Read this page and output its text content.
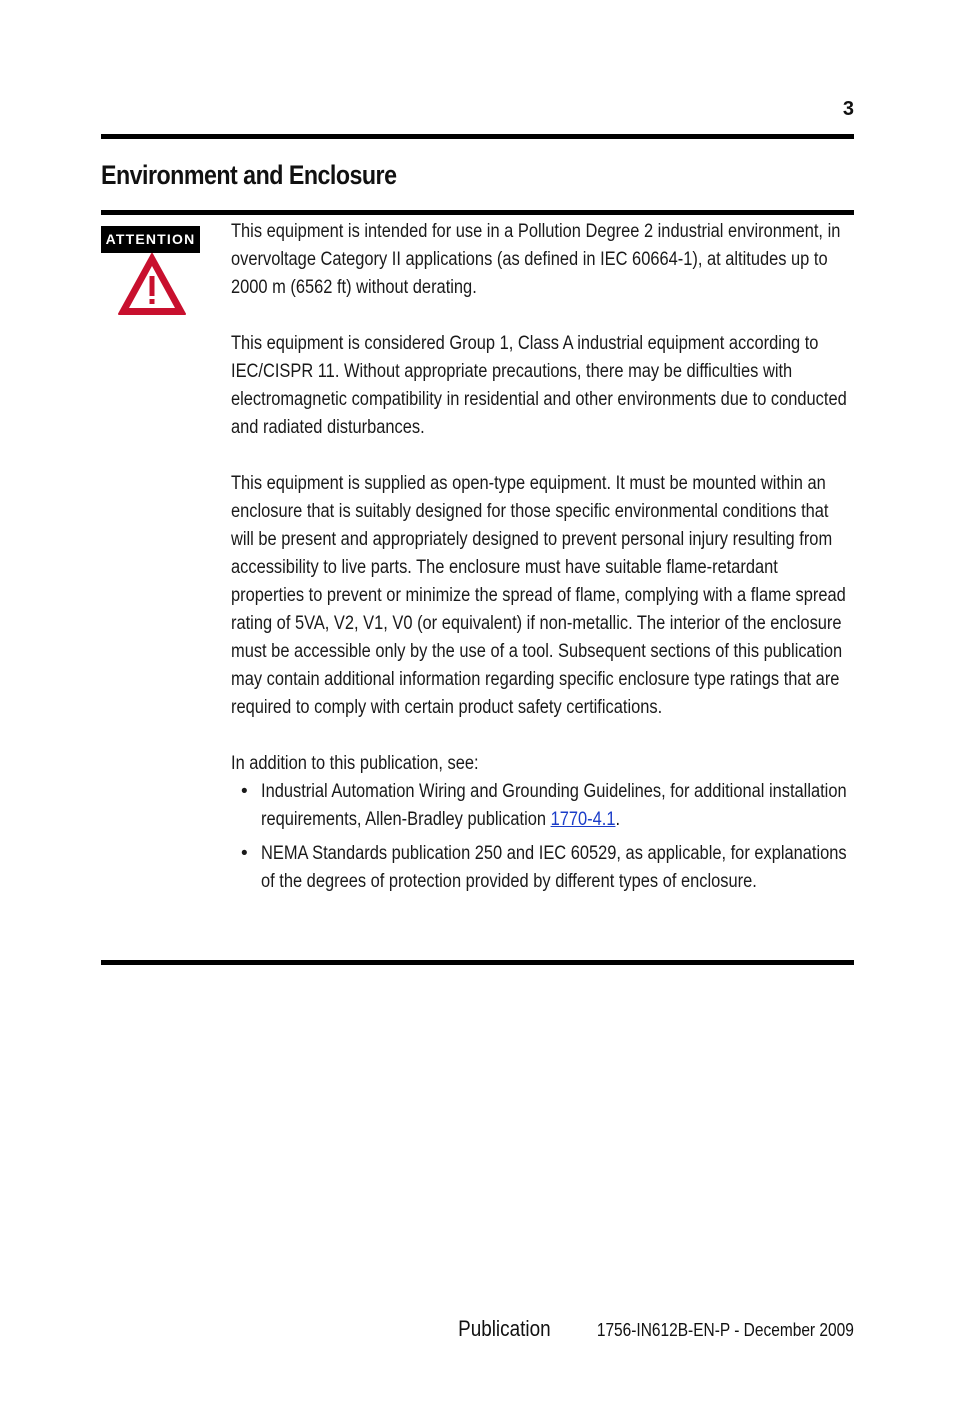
3
Environment and Enclosure
ATTENTION This equipment is intended for use in a Pollution Degree 2 industrial environment, in overvoltage Category II applications (as defined in IEC 60664-1), at altitudes up to 2000 m (6562 ft) without derating.

This equipment is considered Group 1, Class A industrial equipment according to IEC/CISPR 11. Without appropriate precautions, there may be difficulties with electromagnetic compatibility in residential and other environments due to conducted and radiated disturbances.

This equipment is supplied as open-type equipment. It must be mounted within an enclosure that is suitably designed for those specific environmental conditions that will be present and appropriately designed to prevent personal injury resulting from accessibility to live parts. The enclosure must have suitable flame-retardant properties to prevent or minimize the spread of flame, complying with a flame spread rating of 5VA, V2, V1, V0 (or equivalent) if non-metallic. The interior of the enclosure must be accessible only by the use of a tool. Subsequent sections of this publication may contain additional information regarding specific enclosure type ratings that are required to comply with certain product safety certifications.

In addition to this publication, see:

• Industrial Automation Wiring and Grounding Guidelines, for additional installation requirements, Allen-Bradley publication 1770-4.1.
• NEMA Standards publication 250 and IEC 60529, as applicable, for explanations of the degrees of protection provided by different types of enclosure.
Publication	1756-IN612B-EN-P - December 2009
